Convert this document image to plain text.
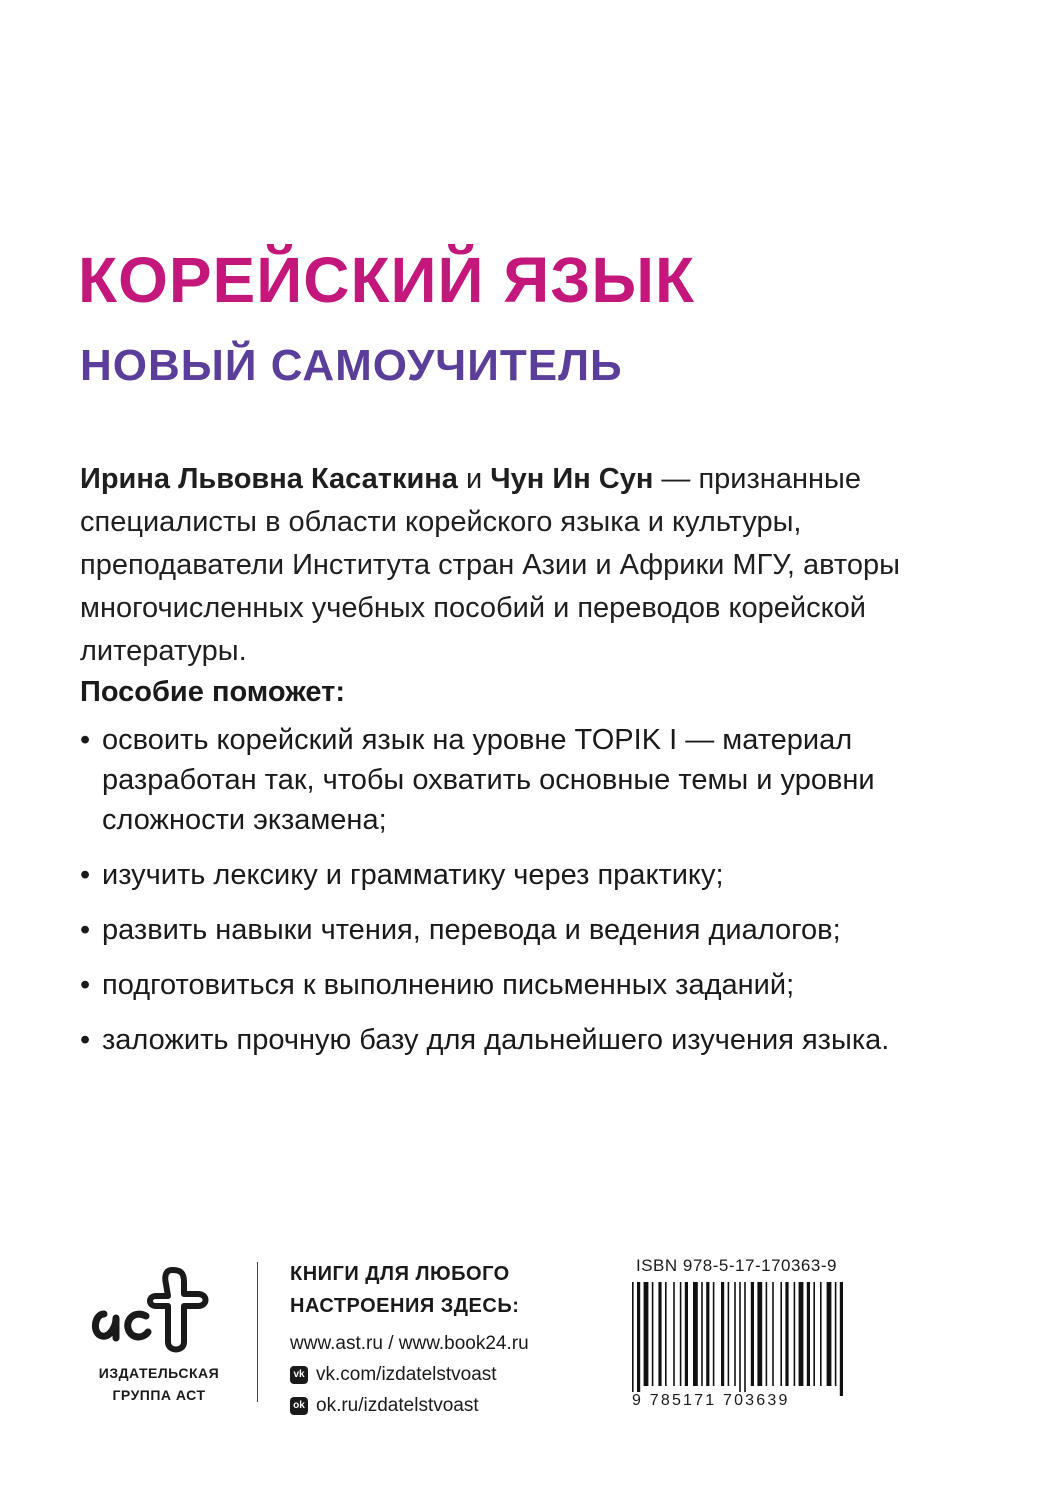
КОРЕЙСКИЙ ЯЗЫК
НОВЫЙ САМОУЧИТЕЛЬ
Ирина Львовна Касаткина и Чун Ин Сун — признанные специалисты в области корейского языка и культуры, преподаватели Института стран Азии и Африки МГУ, авторы многочисленных учебных пособий и переводов корейской литературы.
Пособие поможет:
• освоить корейский язык на уровне TOPIK I — материал разработан так, чтобы охватить основные темы и уровни сложности экзамена;
• изучить лексику и грамматику через практику;
• развить навыки чтения, перевода и ведения диалогов;
• подготовиться к выполнению письменных заданий;
• заложить прочную базу для дальнейшего изучения языка.
ИЗДАТЕЛЬСКАЯ
ГРУППА АСТ
КНИГИ ДЛЯ ЛЮБОГО
НАСТРОЕНИЯ ЗДЕСЬ:
www.ast.ru / www.book24.ru
vk vk.com/izdatelstvoast
ok ok.ru/izdatelstvoast
ISBN 978-5-17-170363-9
9 785171 703639
